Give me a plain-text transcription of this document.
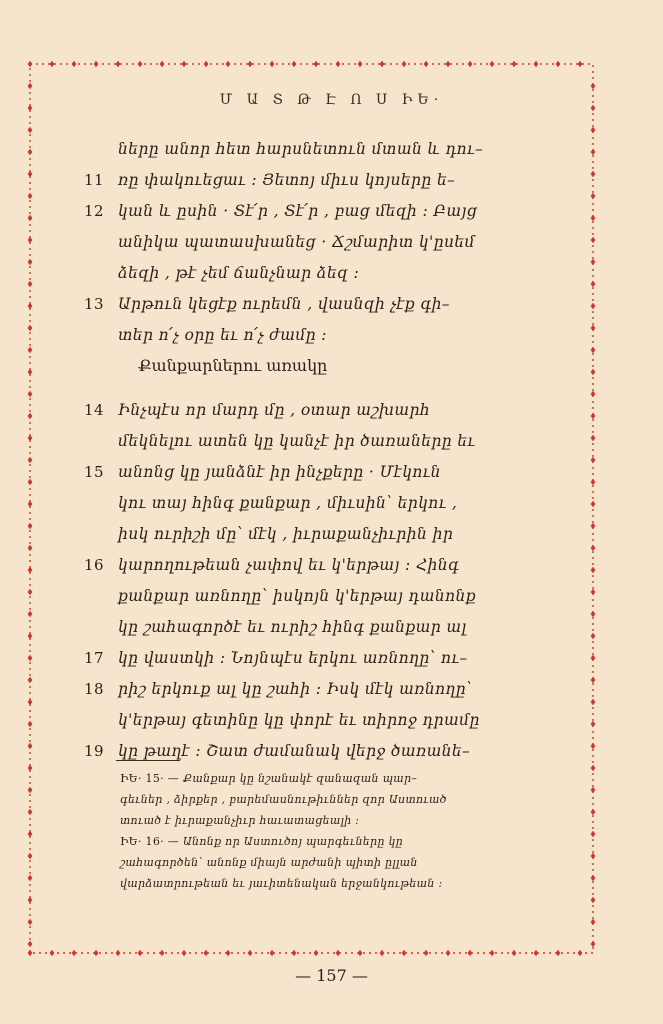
Մ Ա Տ Թ Է Ո Ս ԻԵ·
ները անոր հետ հարսնետուն մտան և դու–
11 ռը փակուեցաւ : Յետոյ միւս կոյսերը ե–
12 կան և ըսին · Տէ՛ր , Տէ՛ր , բաց մեզի : Բայց
անիկա պատասխանեց · Ճշմարիտ կ'ըսեմ
ձեզի , թէ չեմ ճանչնար ձեզ :
13 Արթուն կեցէք ուրեմն , վասնզի չէք գի–
տեր ո՛չ օրը եւ ո՛չ ժամը :
Քանքարներու առակը
14 Ինչպէս որ մարդ մը , օտար աշխարհ
մեկնելու ատեն կը կանչէ իր ծառաները եւ
15 անոնց կը յանձնէ իր ինչքերը · Մէկուն
կու տայ հինգ քանքար , միւսին՝ երկու ,
իսկ ուրիշի մը՝ մէկ , իւրաքանչիւրին իր
16 կարողութեան չափով եւ կ'երթայ : Հինգ
քանքար առնողը՝ իսկոյն կ'երթայ դանոնք
կը շահագործէ եւ ուրիշ հինգ քանքար ալ
17 կը վաստկի : Նոյնպէս երկու առնողը՝ ու–
18 րիշ երկուք ալ կը շահի : Իսկ մէկ առնողը՝
կ'երթայ գետինը կը փորէ եւ տիրոջ դրամը
19 կը թաղէ : Շատ ժամանակ վերջ ծառանե–
ԻԵ· 15· — Քանքար կը նշանակէ զանազան պար–
գեւներ , ձիրքեր , բարեմասնութիւններ զոր Աստուած
տուած է իւրաքանչիւր հաւատացեալի :
ԻԵ· 16· — Անոնք որ Աստուծոյ պարգեւները կը
շահագործեն՝ անոնք միայն արժանի պիտի ըլլան
վարձատրութեան եւ յաւիտենական երջանկութեան :
— 157 —
